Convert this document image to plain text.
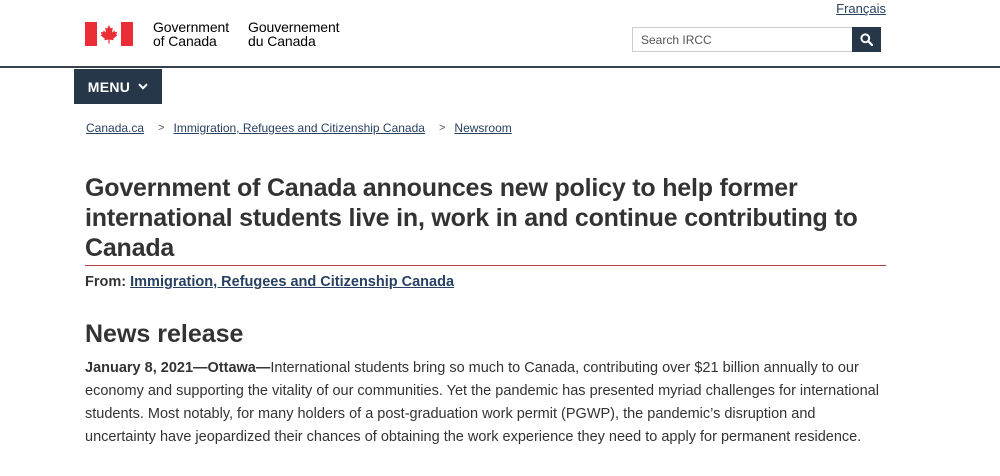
Français
Government
of Canada
Gouvernement
du Canada
Search IRCC
MENU
Canada.ca > Immigration, Refugees and Citizenship Canada > Newsroom
Government of Canada announces new policy to help former international students live in, work in and continue contributing to Canada
From: Immigration, Refugees and Citizenship Canada
News release

January 8, 2021—Ottawa—International students bring so much to Canada, contributing over $21 billion annually to our economy and supporting the vitality of our communities. Yet the pandemic has presented myriad challenges for international students. Most notably, for many holders of a post-graduation work permit (PGWP), the pandemic’s disruption and uncertainty have jeopardized their chances of obtaining the work experience they need to apply for permanent residence.
